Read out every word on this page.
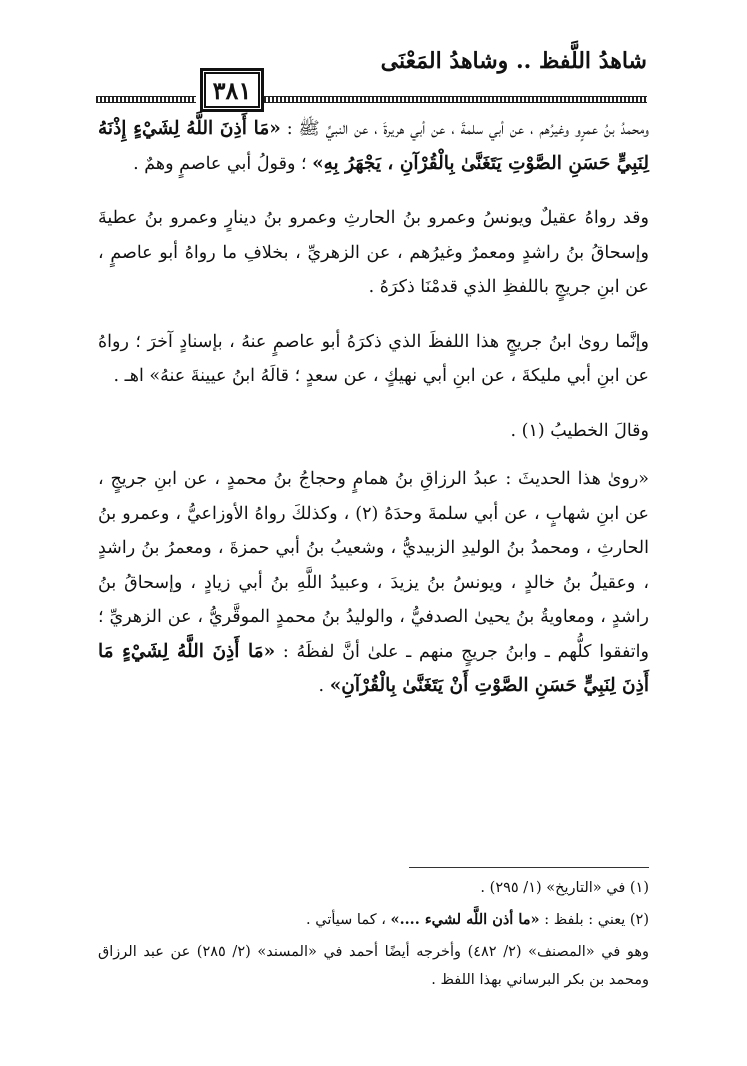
شاهدُ اللَّفظ .. وشاهدُ المَعْنَى
٣٨١

ومحمدُ بنُ عمرٍو وغيرُهم ، عن أبي سلمةَ ، عن أبي هريرةَ ، عن النبيِّ ﷺ : «مَا أَذِنَ اللَّهُ لِشَيْءٍ إِذْنَهُ لِنَبِيٍّ حَسَنِ الصَّوْتِ يَتَغَنَّىٰ بِالْقُرْآنِ ، يَجْهَرُ بِهِ» ؛ وقولُ أبي عاصمٍ وهمٌ .

وقد رواهُ عقيلٌ ويونسُ وعمرو بنُ الحارثِ وعمرو بنُ دينارٍ وعمرو بنُ عطيةَ وإسحاقُ بنُ راشدٍ ومعمرٌ وغيرُهم ، عن الزهريِّ ، بخلافِ ما رواهُ أبو عاصمٍ ، عن ابنِ جريجٍ باللفظِ الذي قدمْنَا ذكرَهُ .

وإنَّما روىٰ ابنُ جريجٍ هذا اللفظَ الذي ذكرَهُ أبو عاصمٍ عنهُ ، بإسنادٍ آخرَ ؛ رواهُ عن ابنِ أبي مليكةَ ، عن ابنِ أبي نهيكٍ ، عن سعدٍ ؛ قالَهُ ابنُ عيينةَ عنهُ» اهـ .

وقالَ الخطيبُ (١) .

«روىٰ هذا الحديثَ : عبدُ الرزاقِ بنُ همامٍ وحجاجُ بنُ محمدٍ ، عن ابنِ جريجٍ ، عن ابنِ شهابٍ ، عن أبي سلمةَ وحدَهُ (٢) ، وكذلكَ رواهُ الأوزاعيُّ ، وعمرو بنُ الحارثِ ، ومحمدُ بنُ الوليدِ الزبيديُّ ، وشعيبُ بنُ أبي حمزةَ ، ومعمرُ بنُ راشدٍ ، وعقيلُ بنُ خالدٍ ، ويونسُ بنُ يزيدَ ، وعبيدُ اللَّهِ بنُ أبي زيادٍ ، وإسحاقُ بنُ راشدٍ ، ومعاويةُ بنُ يحيىٰ الصدفيُّ ، والوليدُ بنُ محمدٍ الموقَّريُّ ، عن الزهريِّ ؛ واتفقوا كلُّهم ـ وابنُ جريجٍ منهم ـ علىٰ أنَّ لفظَهُ : «مَا أَذِنَ اللَّهُ لِشَيْءٍ مَا أَذِنَ لِنَبِيٍّ حَسَنِ الصَّوْتِ أَنْ يَتَغَنَّىٰ بِالْقُرْآنِ» .

(١) في «التاريخ» (١/ ٢٩٥) .

(٢) يعني : بلفظ : «ما أذن اللَّه لشيء ....» ، كما سيأتي .

وهو في «المصنف» (٢/ ٤٨٢) وأخرجه أيضًا أحمد في «المسند» (٢/ ٢٨٥) عن عبد الرزاق ومحمد بن بكر البرساني بهذا اللفظ .
